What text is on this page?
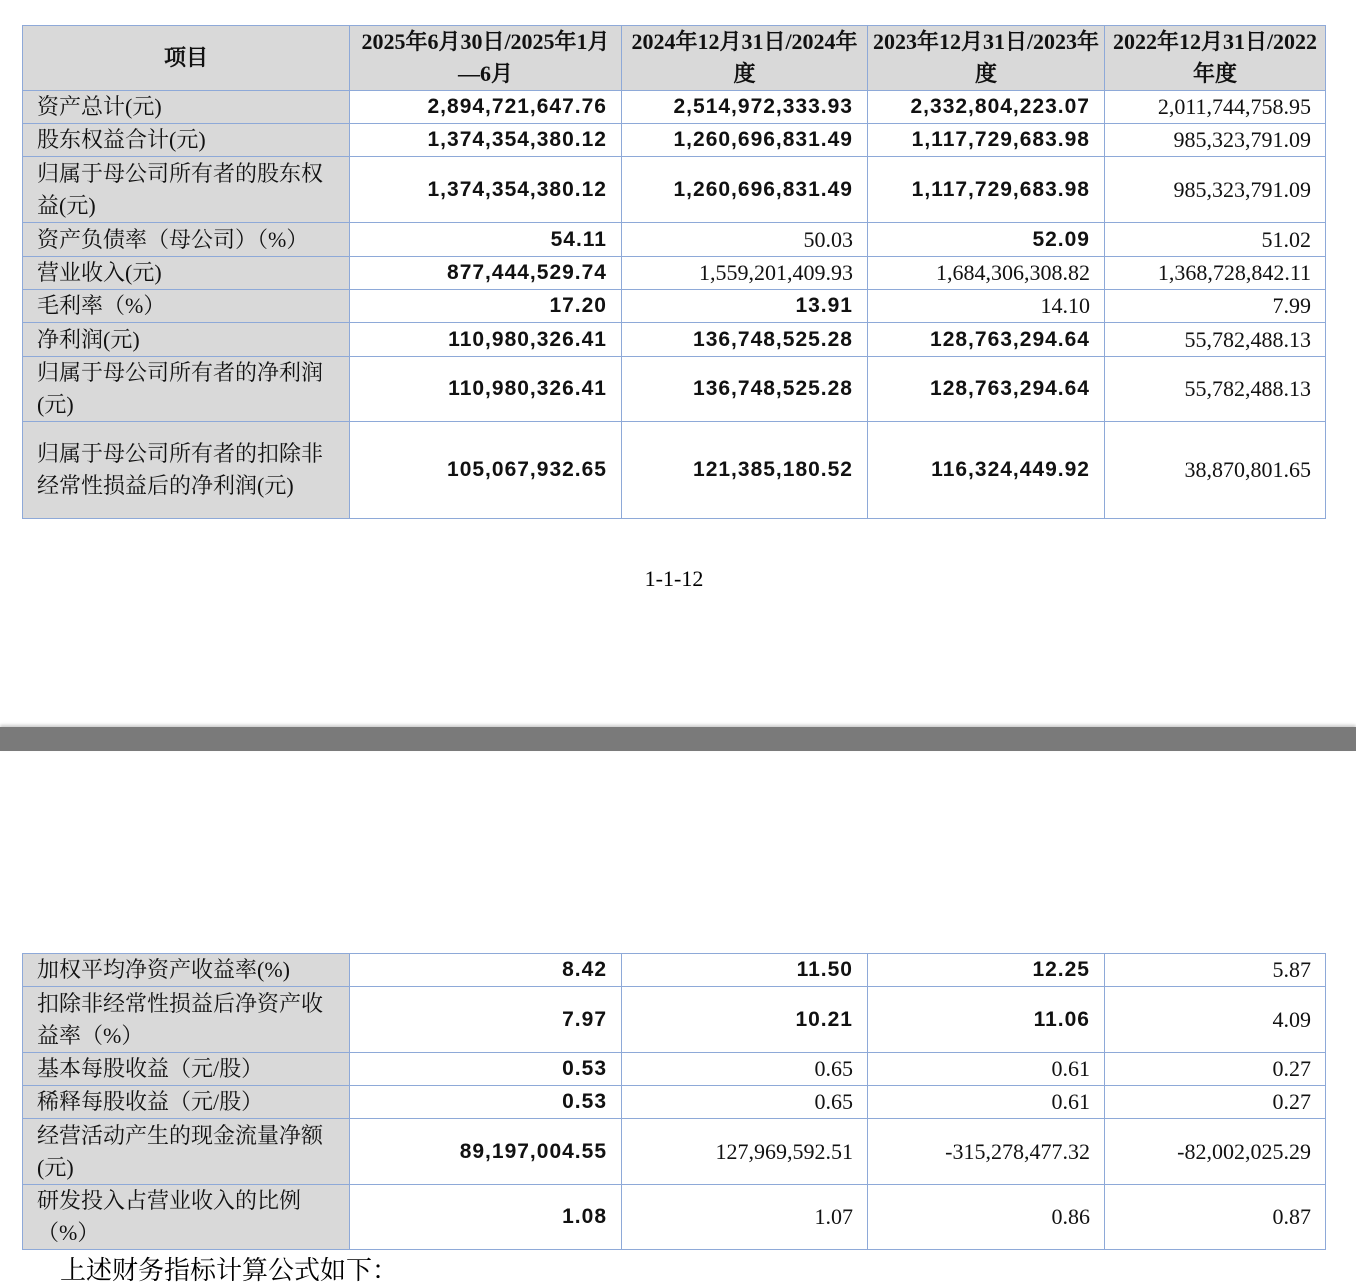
项目	2025年6月30日/2025年1月—6月	2024年12月31日/2024年度	2023年12月31日/2023年度	2022年12月31日/2022年度
资产总计(元)	2,894,721,647.76	2,514,972,333.93	2,332,804,223.07	2,011,744,758.95
股东权益合计(元)	1,374,354,380.12	1,260,696,831.49	1,117,729,683.98	985,323,791.09
归属于母公司所有者的股东权益(元)	1,374,354,380.12	1,260,696,831.49	1,117,729,683.98	985,323,791.09
资产负债率（母公司）（%）	54.11	50.03	52.09	51.02
营业收入(元)	877,444,529.74	1,559,201,409.93	1,684,306,308.82	1,368,728,842.11
毛利率（%）	17.20	13.91	14.10	7.99
净利润(元)	110,980,326.41	136,748,525.28	128,763,294.64	55,782,488.13
归属于母公司所有者的净利润(元)	110,980,326.41	136,748,525.28	128,763,294.64	55,782,488.13
归属于母公司所有者的扣除非经常性损益后的净利润(元)	105,067,932.65	121,385,180.52	116,324,449.92	38,870,801.65
1-1-12
加权平均净资产收益率(%)	8.42	11.50	12.25	5.87
扣除非经常性损益后净资产收益率（%）	7.97	10.21	11.06	4.09
基本每股收益（元/股）	0.53	0.65	0.61	0.27
稀释每股收益（元/股）	0.53	0.65	0.61	0.27
经营活动产生的现金流量净额(元)	89,197,004.55	127,969,592.51	-315,278,477.32	-82,002,025.29
研发投入占营业收入的比例（%）	1.08	1.07	0.86	0.87
上述财务指标计算公式如下：
